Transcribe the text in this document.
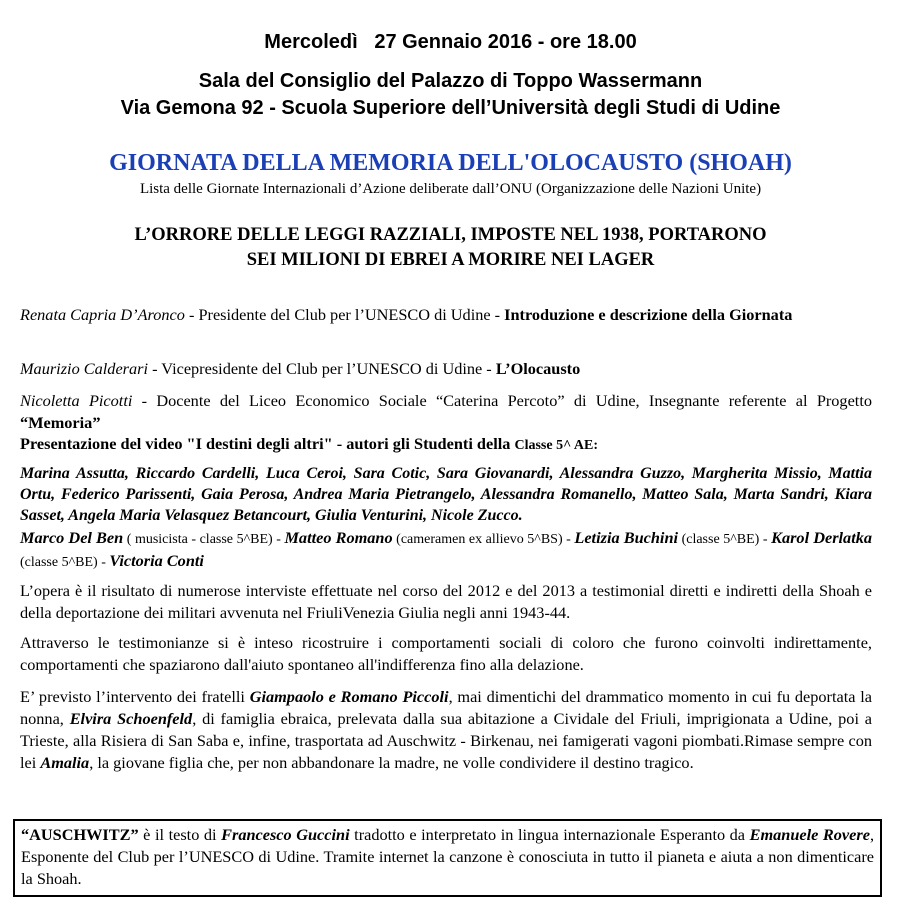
Mercoledì   27 Gennaio 2016 - ore 18.00
Sala del Consiglio del Palazzo di Toppo Wassermann
Via Gemona 92 - Scuola Superiore dell’Università degli Studi di Udine
GIORNATA DELLA MEMORIA DELL'OLOCAUSTO (SHOAH)
Lista delle Giornate Internazionali d’Azione deliberate dall’ONU (Organizzazione delle Nazioni Unite)
L’ORRORE DELLE LEGGI RAZZIALI, IMPOSTE NEL 1938, PORTARONO
SEI MILIONI DI EBREI A MORIRE NEI LAGER
Renata Capria D’Aronco - Presidente del Club per l’UNESCO di Udine - Introduzione e descrizione della Giornata
Maurizio Calderari - Vicepresidente del Club per l’UNESCO di Udine - L’Olocausto
Nicoletta Picotti - Docente del Liceo Economico Sociale “Caterina Percoto” di Udine, Insegnante referente al Progetto “Memoria”
Presentazione del video "I destini degli altri" - autori gli Studenti della Classe 5^ AE:
Marina Assutta, Riccardo Cardelli, Luca Ceroi, Sara Cotic, Sara Giovanardi, Alessandra Guzzo, Margherita Missio, Mattia Ortu, Federico Parissenti, Gaia Perosa, Andrea Maria Pietrangelo, Alessandra Romanello, Matteo Sala, Marta Sandri, Kiara Sasset, Angela Maria Velasquez Betancourt, Giulia Venturini, Nicole Zucco.
Marco Del Ben ( musicista - classe 5^BE) - Matteo Romano (cameramen ex allievo 5^BS) - Letizia Buchini (classe 5^BE) - Karol Derlatka (classe 5^BE) - Victoria Conti
L’opera è il risultato di numerose interviste effettuate nel corso del 2012 e del 2013 a testimonial diretti e indiretti della Shoah e della deportazione dei militari avvenuta nel FriuliVenezia Giulia negli anni 1943-44.
Attraverso le testimonianze si è inteso ricostruire i comportamenti sociali di coloro che furono coinvolti indirettamente, comportamenti che spaziarono dall'aiuto spontaneo all'indifferenza fino alla delazione.
E’ previsto l’intervento dei fratelli Giampaolo e Romano Piccoli, mai dimentichi del drammatico momento in cui fu deportata la nonna, Elvira Schoenfeld, di famiglia ebraica, prelevata dalla sua abitazione a Cividale del Friuli, imprigionata a Udine, poi a Trieste, alla Risiera di San Saba e, infine, trasportata ad Auschwitz - Birkenau, nei famigerati vagoni piombati.Rimase sempre con lei Amalia, la giovane figlia che, per non abbandonare la madre, ne volle condividere il destino tragico.
“AUSCHWITZ” è il testo di Francesco Guccini tradotto e interpretato in lingua internazionale Esperanto da Emanuele Rovere, Esponente del Club per l’UNESCO di Udine. Tramite internet la canzone è conosciuta in tutto il pianeta e aiuta a non dimenticare la Shoah.
